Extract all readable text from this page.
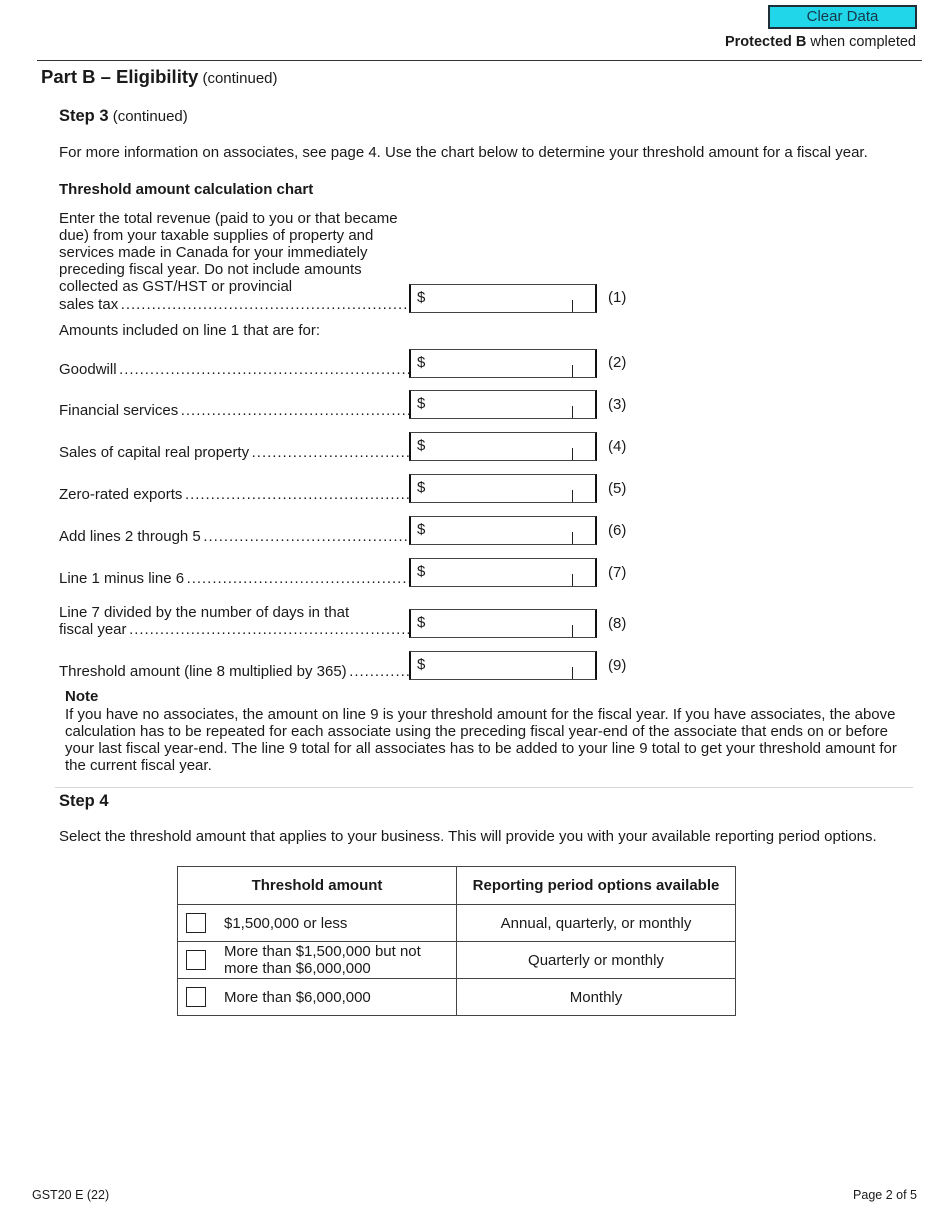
Clear Data
Protected B when completed
Part B – Eligibility (continued)
Step 3 (continued)
For more information on associates, see page 4. Use the chart below to determine your threshold amount for a fiscal year.
Threshold amount calculation chart
Enter the total revenue (paid to you or that became due) from your taxable supplies of property and services made in Canada for your immediately preceding fiscal year. Do not include amounts collected as GST/HST or provincial
sales tax . . .	$	(1)
Amounts included on line 1 that are for:
Goodwill . . .	$	(2)
Financial services . . .	$	(3)
Sales of capital real property . . .	$	(4)
Zero-rated exports . . .	$	(5)
Add lines 2 through 5 . . .	$	(6)
Line 1 minus line 6 . . .	$	(7)
Line 7 divided by the number of days in that
fiscal year . . .	$	(8)
Threshold amount (line 8 multiplied by 365) . . .	$	(9)
Note
If you have no associates, the amount on line 9 is your threshold amount for the fiscal year. If you have associates, the above calculation has to be repeated for each associate using the preceding fiscal year-end of the associate that ends on or before your last fiscal year-end. The line 9 total for all associates has to be added to your line 9 total to get your threshold amount for the current fiscal year.
Step 4
Select the threshold amount that applies to your business. This will provide you with your available reporting period options.
Threshold amount	Reporting period options available

$1,500,000 or less	Annual, quarterly, or monthly

More than $1,500,000 but not more than $6,000,000	Quarterly or monthly

More than $6,000,000	Monthly
GST20 E (22)	Page 2 of 5
